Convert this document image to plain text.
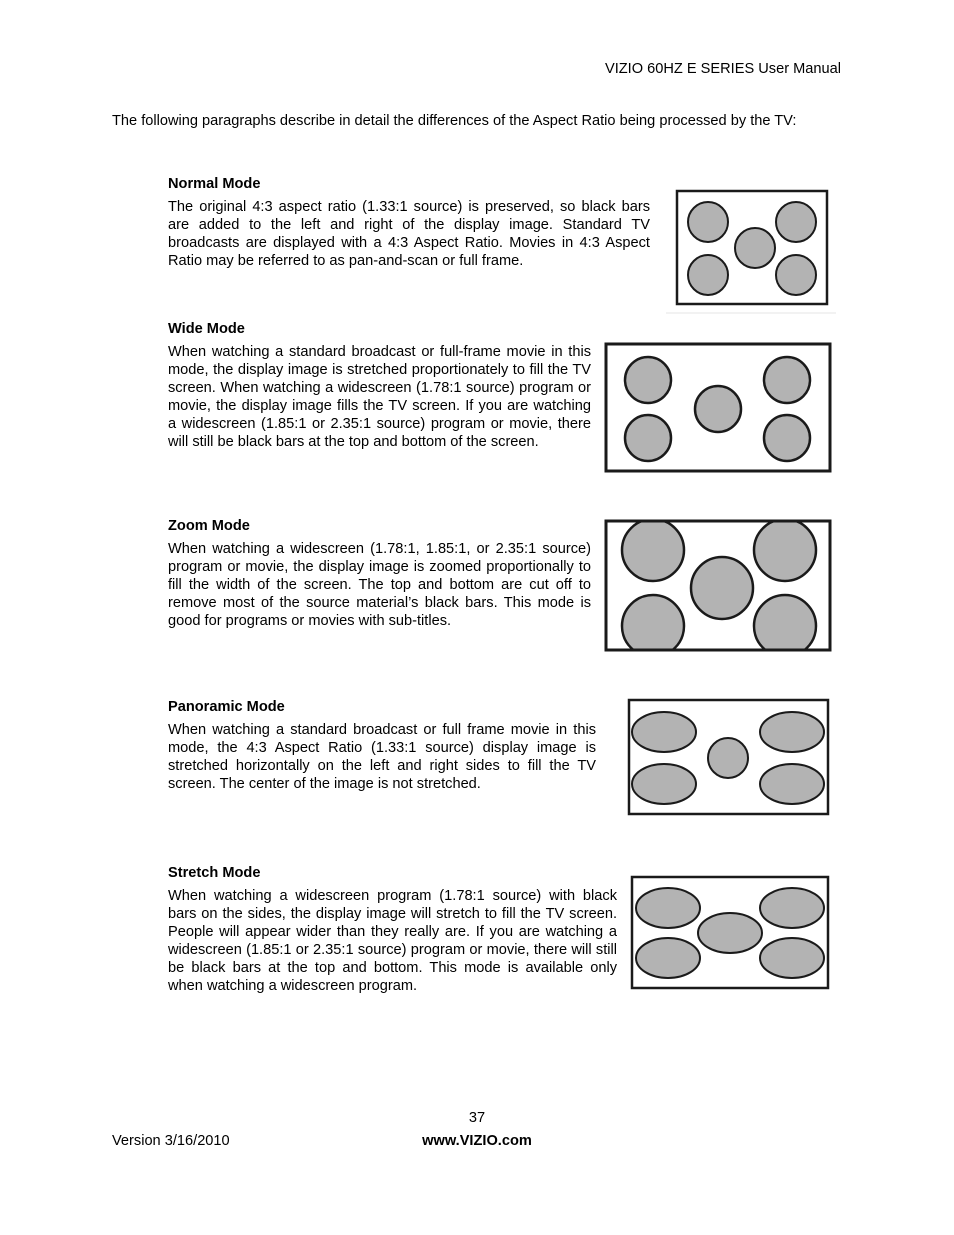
VIZIO 60HZ E SERIES User Manual
The following paragraphs describe in detail the differences of the Aspect Ratio being processed by the TV:
Normal Mode

The original 4:3 aspect ratio (1.33:1 source) is preserved, so black bars are added to the left and right of the display image. Standard TV broadcasts are displayed with a 4:3 Aspect Ratio. Movies in 4:3 Aspect Ratio may be referred to as pan-and-scan or full frame.

Wide Mode

When watching a standard broadcast or full-frame movie in this mode, the display image is stretched proportionately to fill the TV screen. When watching a widescreen (1.78:1 source) program or movie, the display image fills the TV screen. If you are watching a widescreen (1.85:1 or 2.35:1 source) program or movie, there will still be black bars at the top and bottom of the screen.

Zoom Mode

When watching a widescreen (1.78:1, 1.85:1, or 2.35:1 source) program or movie, the display image is zoomed proportionally to fill the width of the screen. The top and bottom are cut off to remove most of the source material’s black bars. This mode is good for programs or movies with sub-titles.

Panoramic Mode

When watching a standard broadcast or full frame movie in this mode, the 4:3 Aspect Ratio (1.33:1 source) display image is stretched horizontally on the left and right sides to fill the TV screen. The center of the image is not stretched.

Stretch Mode

When watching a widescreen program (1.78:1 source) with black bars on the sides, the display image will stretch to fill the TV screen. People will appear wider than they really are. If you are watching a widescreen (1.85:1 or 2.35:1 source) program or movie, there will still be black bars at the top and bottom. This mode is available only when watching a widescreen program.

37
Version 3/16/2010	www.VIZIO.com
